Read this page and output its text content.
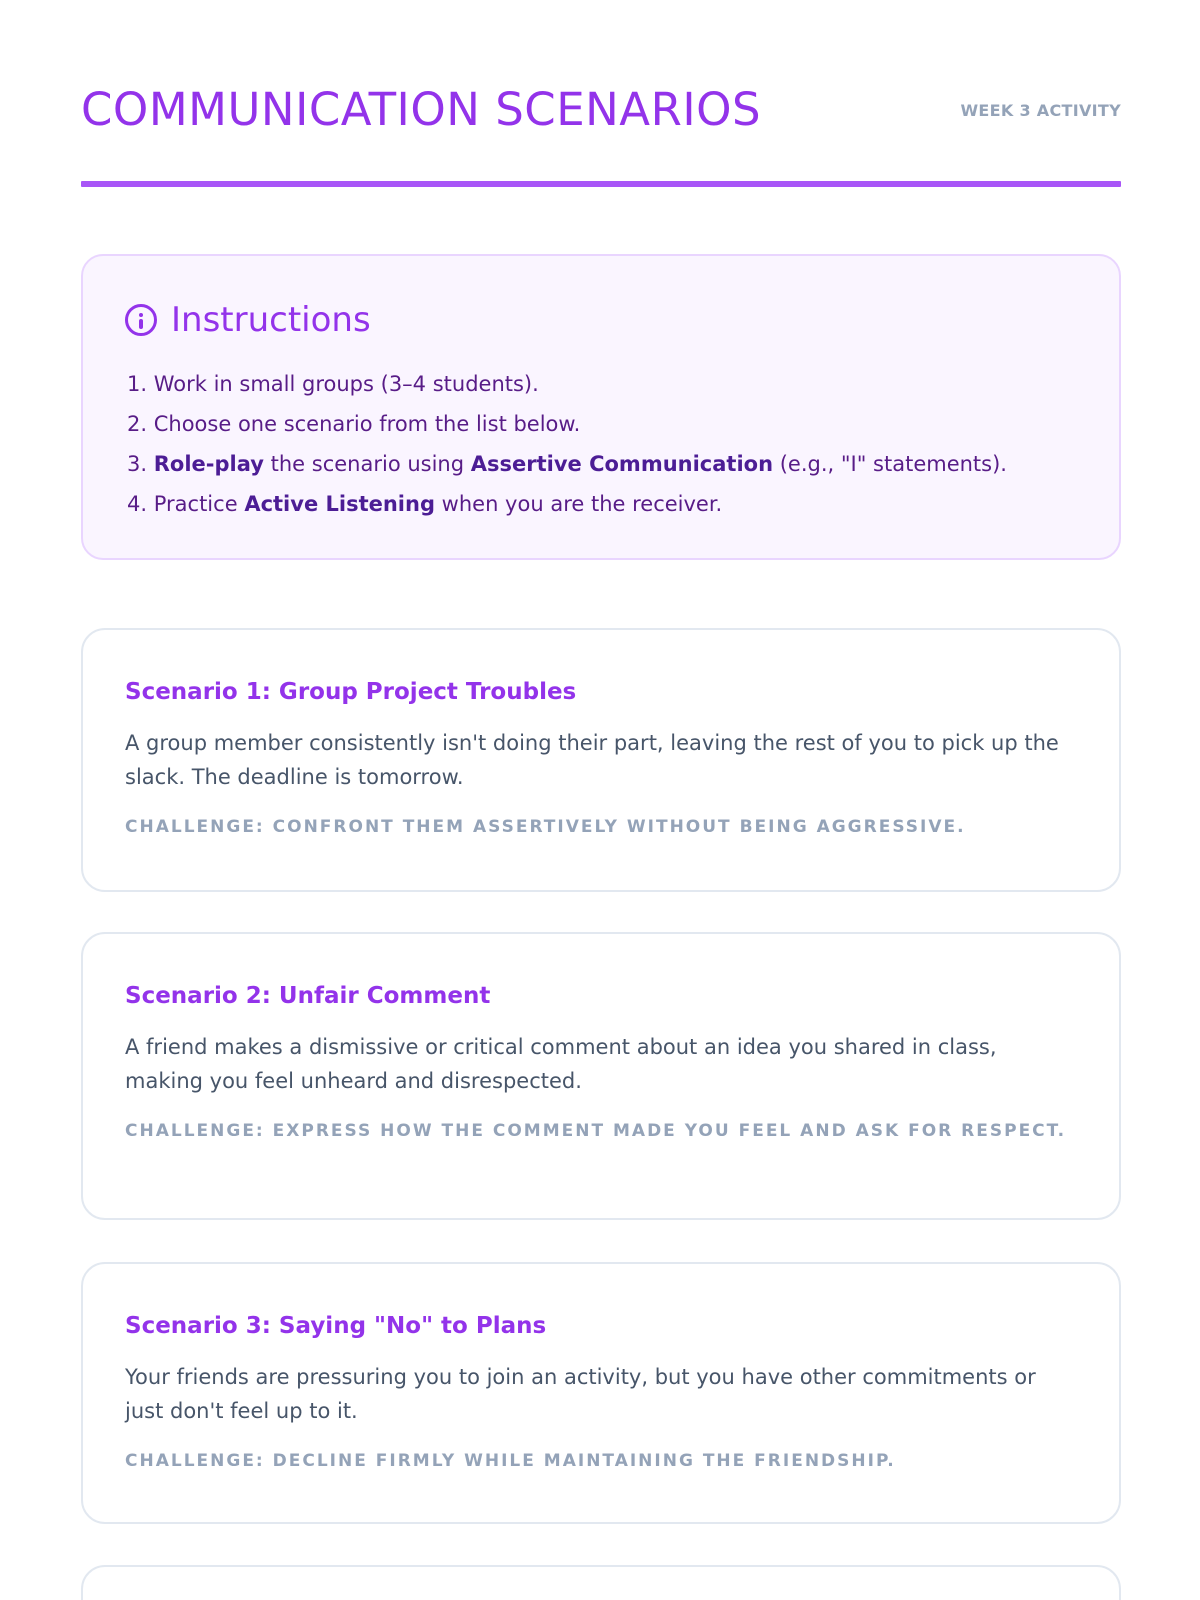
COMMUNICATION SCENARIOS	WEEK 3 ACTIVITY
Instructions
1. Work in small groups (3–4 students).
2. Choose one scenario from the list below.
3. Role-play the scenario using Assertive Communication (e.g., "I" statements).
4. Practice Active Listening when you are the receiver.
Scenario 1: Group Project Troubles
A group member consistently isn't doing their part, leaving the rest of you to pick up the slack. The deadline is tomorrow.
CHALLENGE: CONFRONT THEM ASSERTIVELY WITHOUT BEING AGGRESSIVE.
Scenario 2: Unfair Comment
A friend makes a dismissive or critical comment about an idea you shared in class, making you feel unheard and disrespected.
CHALLENGE: EXPRESS HOW THE COMMENT MADE YOU FEEL AND ASK FOR RESPECT.
Scenario 3: Saying "No" to Plans
Your friends are pressuring you to join an activity, but you have other commitments or just don't feel up to it.
CHALLENGE: DECLINE FIRMLY WHILE MAINTAINING THE FRIENDSHIP.
